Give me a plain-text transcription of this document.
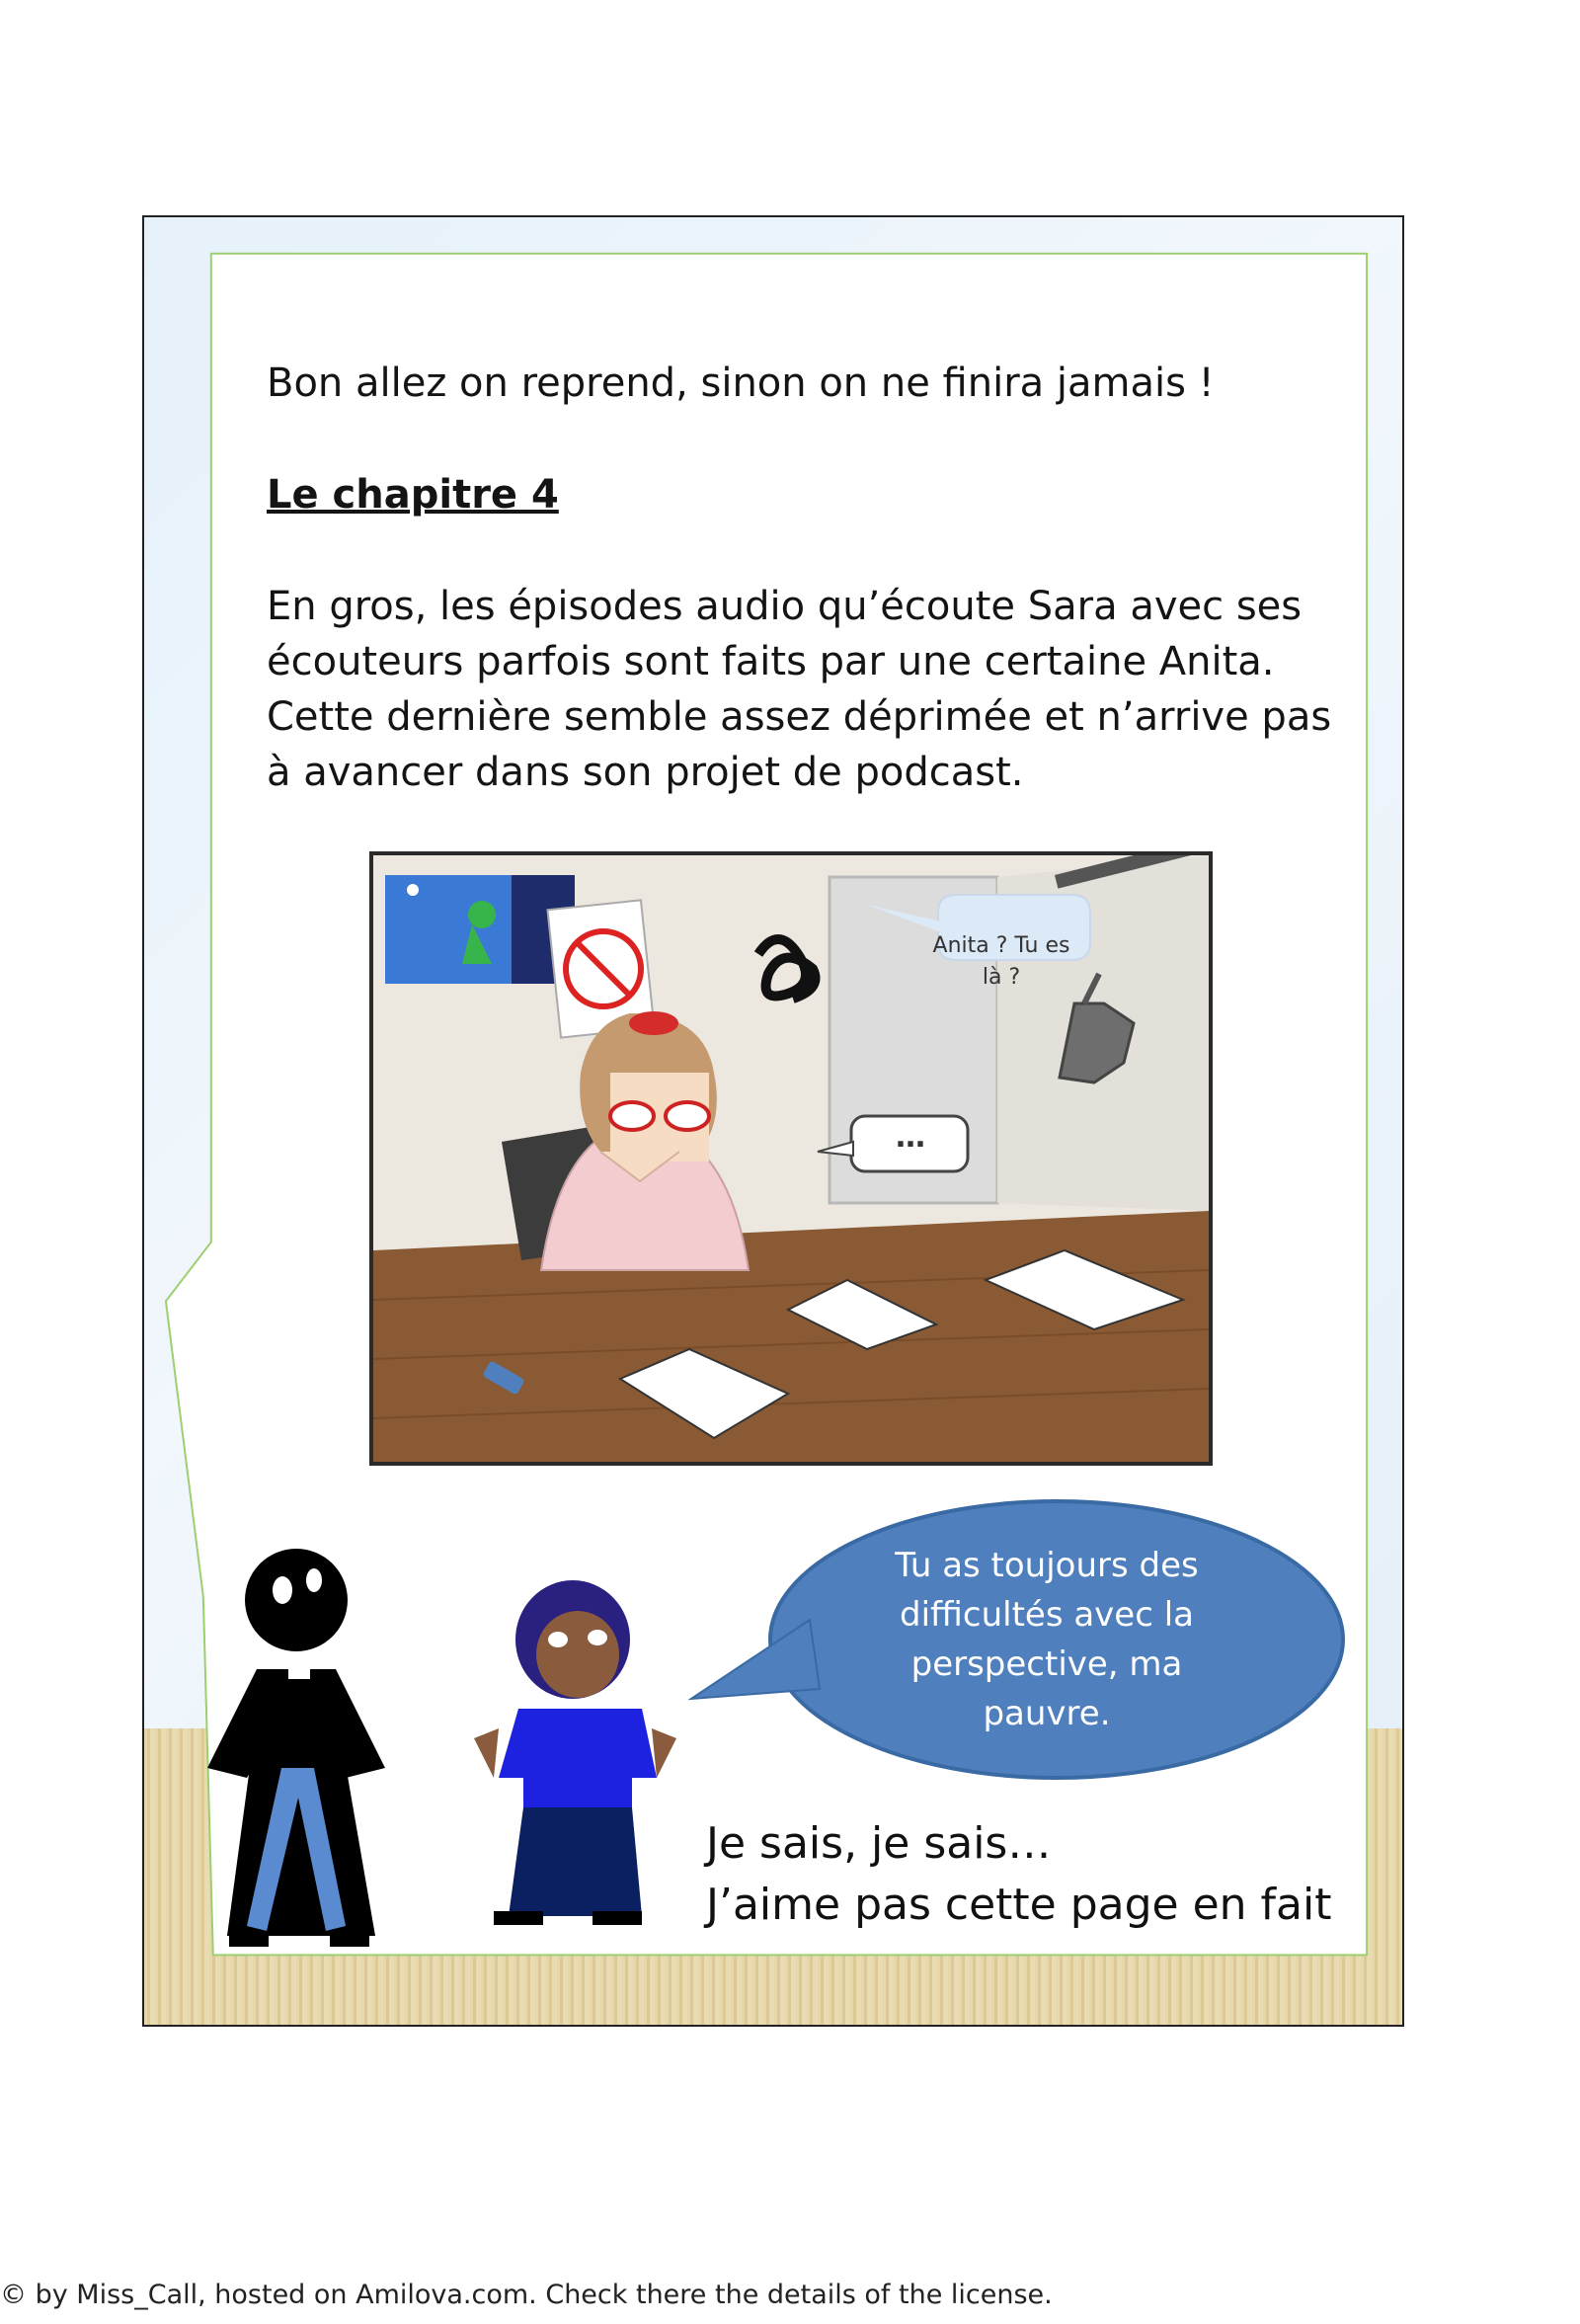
Bon allez on reprend, sinon on ne finira jamais !
Le chapitre 4
En gros, les épisodes audio qu’écoute Sara avec ses
écouteurs parfois sont faits par une certaine Anita.
Cette dernière semble assez déprimée et n’arrive pas
à avancer dans son projet de podcast.
Anita ? Tu es
là ?
…
Tu as toujours des
difficultés avec la
perspective, ma
pauvre.
Je sais, je sais…
J’aime pas cette page en fait
© by Miss_Call, hosted on Amilova.com. Check there the details of the license.
